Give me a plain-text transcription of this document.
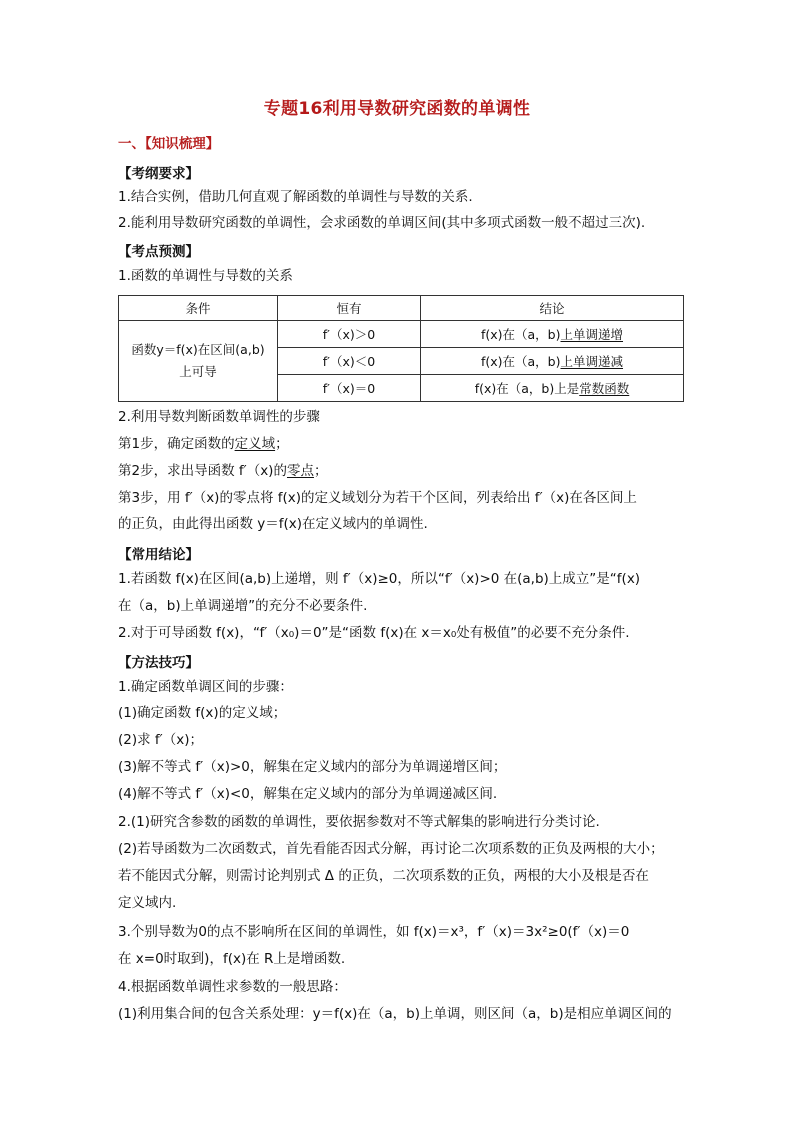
专题16利用导数研究函数的单调性
一、【知识梳理】
【考纲要求】
1.结合实例，借助几何直观了解函数的单调性与导数的关系.
2.能利用导数研究函数的单调性，会求函数的单调区间(其中多项式函数一般不超过三次).
【考点预测】
1.函数的单调性与导数的关系
条件	恒有	结论

函数y＝f(x)在区间(a,b)
上可导	f′（x)＞0	f(x)在（a，b)上单调递增
	f′（x)＜0	f(x)在（a，b)上单调递减
	f′（x)＝0	f(x)在（a，b)上是常数函数
2.利用导数判断函数单调性的步骤
第1步，确定函数的定义域；
第2步，求出导函数 f′（x)的零点；
第3步，用 f′（x)的零点将 f(x)的定义域划分为若干个区间，列表给出 f′（x)在各区间上
的正负，由此得出函数 y＝f(x)在定义域内的单调性.
【常用结论】
1.若函数 f(x)在区间(a,b)上递增，则 f′（x)≥0，所以“f′（x)>0 在(a,b)上成立”是“f(x)
在（a，b)上单调递增”的充分不必要条件.
2.对于可导函数 f(x)，“f′（x₀)＝0”是“函数 f(x)在 x＝x₀处有极值”的必要不充分条件.
【方法技巧】
1.确定函数单调区间的步骤：
(1)确定函数 f(x)的定义域；
(2)求 f′（x)；
(3)解不等式 f′（x)>0，解集在定义域内的部分为单调递增区间；
(4)解不等式 f′（x)<0，解集在定义域内的部分为单调递减区间.
2.(1)研究含参数的函数的单调性，要依据参数对不等式解集的影响进行分类讨论.
(2)若导函数为二次函数式，首先看能否因式分解，再讨论二次项系数的正负及两根的大小；
若不能因式分解，则需讨论判别式 Δ 的正负，二次项系数的正负，两根的大小及根是否在
定义域内.
3.个别导数为0的点不影响所在区间的单调性，如 f(x)＝x³，f′（x)＝3x²≥0(f′（x)＝0
在 x=0时取到)，f(x)在 R上是增函数.
4.根据函数单调性求参数的一般思路：
(1)利用集合间的包含关系处理：y＝f(x)在（a，b)上单调，则区间（a，b)是相应单调区间的
